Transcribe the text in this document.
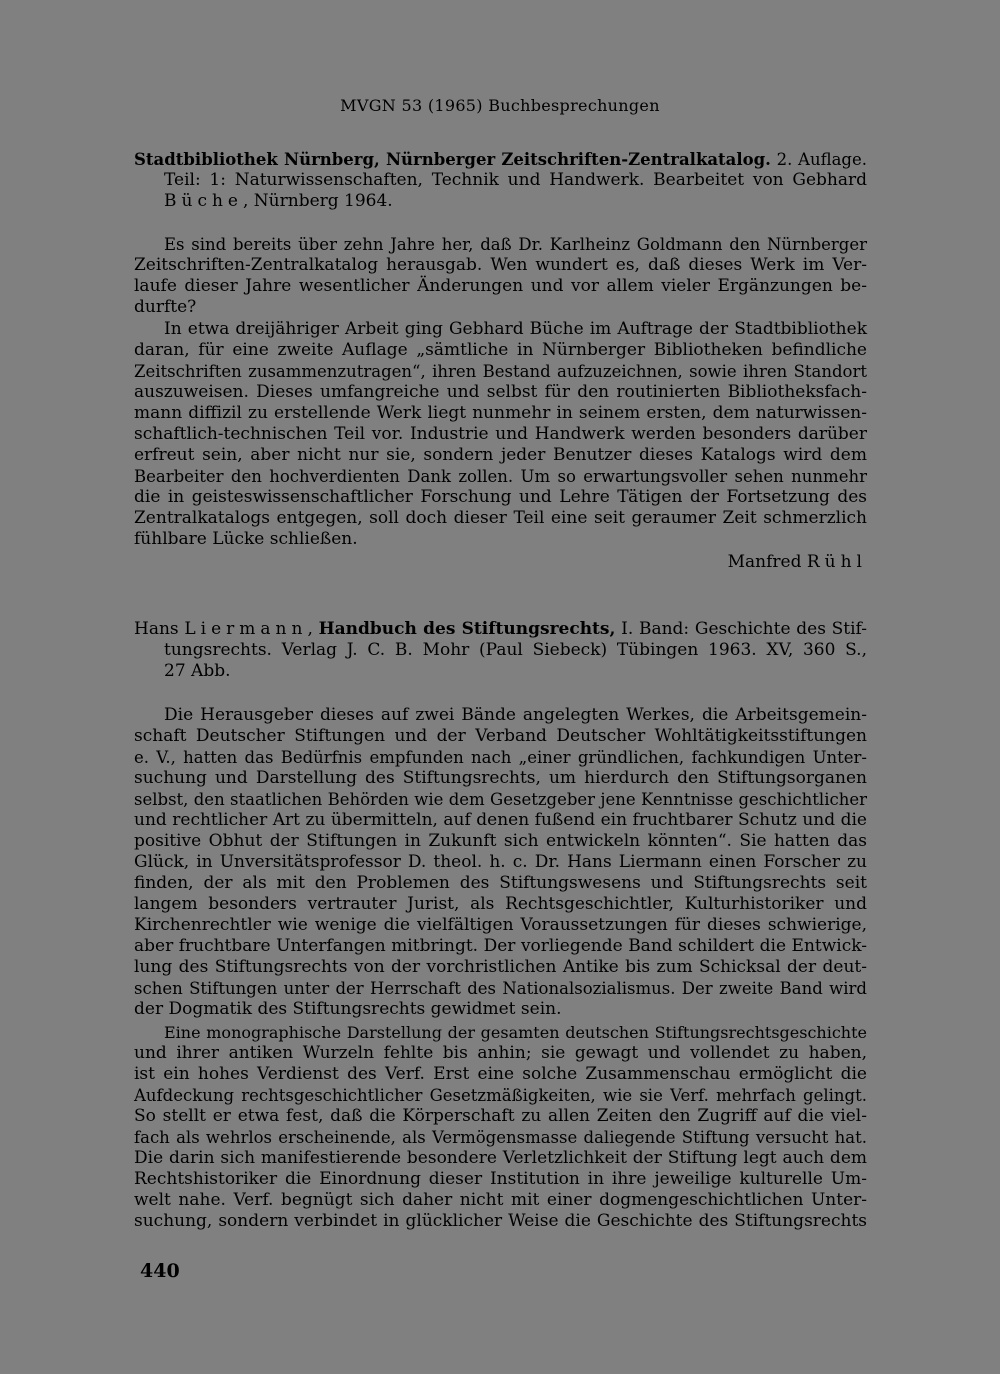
MVGN 53 (1965) Buchbesprechungen
Stadtbibliothek Nürnberg, Nürnberger Zeitschriften-Zentralkatalog. 2. Auflage.
Teil: 1: Naturwissenschaften, Technik und Handwerk. Bearbeitet von Gebhard
Büche, Nürnberg 1964.
Es sind bereits über zehn Jahre her, daß Dr. Karlheinz Goldmann den Nürnberger
Zeitschriften-Zentralkatalog herausgab. Wen wundert es, daß dieses Werk im Ver-
laufe dieser Jahre wesentlicher Änderungen und vor allem vieler Ergänzungen be-
durfte?
In etwa dreijähriger Arbeit ging Gebhard Büche im Auftrage der Stadtbibliothek
daran, für eine zweite Auflage „sämtliche in Nürnberger Bibliotheken befindliche
Zeitschriften zusammenzutragen“, ihren Bestand aufzuzeichnen, sowie ihren Standort
auszuweisen. Dieses umfangreiche und selbst für den routinierten Bibliotheksfach-
mann diffizil zu erstellende Werk liegt nunmehr in seinem ersten, dem naturwissen-
schaftlich-technischen Teil vor. Industrie und Handwerk werden besonders darüber
erfreut sein, aber nicht nur sie, sondern jeder Benutzer dieses Katalogs wird dem
Bearbeiter den hochverdienten Dank zollen. Um so erwartungsvoller sehen nunmehr
die in geisteswissenschaftlicher Forschung und Lehre Tätigen der Fortsetzung des
Zentralkatalogs entgegen, soll doch dieser Teil eine seit geraumer Zeit schmerzlich
fühlbare Lücke schließen.
Manfred Rühl
Hans Liermann, Handbuch des Stiftungsrechts, I. Band: Geschichte des Stif-
tungsrechts. Verlag J. C. B. Mohr (Paul Siebeck) Tübingen 1963. XV, 360 S.,
27 Abb.
Die Herausgeber dieses auf zwei Bände angelegten Werkes, die Arbeitsgemein-
schaft Deutscher Stiftungen und der Verband Deutscher Wohltätigkeitsstiftungen
e. V., hatten das Bedürfnis empfunden nach „einer gründlichen, fachkundigen Unter-
suchung und Darstellung des Stiftungsrechts, um hierdurch den Stiftungsorganen
selbst, den staatlichen Behörden wie dem Gesetzgeber jene Kenntnisse geschichtlicher
und rechtlicher Art zu übermitteln, auf denen fußend ein fruchtbarer Schutz und die
positive Obhut der Stiftungen in Zukunft sich entwickeln könnten“. Sie hatten das
Glück, in Unversitätsprofessor D. theol. h. c. Dr. Hans Liermann einen Forscher zu
finden, der als mit den Problemen des Stiftungswesens und Stiftungsrechts seit
langem besonders vertrauter Jurist, als Rechtsgeschichtler, Kulturhistoriker und
Kirchenrechtler wie wenige die vielfältigen Voraussetzungen für dieses schwierige,
aber fruchtbare Unterfangen mitbringt. Der vorliegende Band schildert die Entwick-
lung des Stiftungsrechts von der vorchristlichen Antike bis zum Schicksal der deut-
schen Stiftungen unter der Herrschaft des Nationalsozialismus. Der zweite Band wird
der Dogmatik des Stiftungsrechts gewidmet sein.
Eine monographische Darstellung der gesamten deutschen Stiftungsrechtsgeschichte
und ihrer antiken Wurzeln fehlte bis anhin; sie gewagt und vollendet zu haben,
ist ein hohes Verdienst des Verf. Erst eine solche Zusammenschau ermöglicht die
Aufdeckung rechtsgeschichtlicher Gesetzmäßigkeiten, wie sie Verf. mehrfach gelingt.
So stellt er etwa fest, daß die Körperschaft zu allen Zeiten den Zugriff auf die viel-
fach als wehrlos erscheinende, als Vermögensmasse daliegende Stiftung versucht hat.
Die darin sich manifestierende besondere Verletzlichkeit der Stiftung legt auch dem
Rechtshistoriker die Einordnung dieser Institution in ihre jeweilige kulturelle Um-
welt nahe. Verf. begnügt sich daher nicht mit einer dogmengeschichtlichen Unter-
suchung, sondern verbindet in glücklicher Weise die Geschichte des Stiftungsrechts
440
